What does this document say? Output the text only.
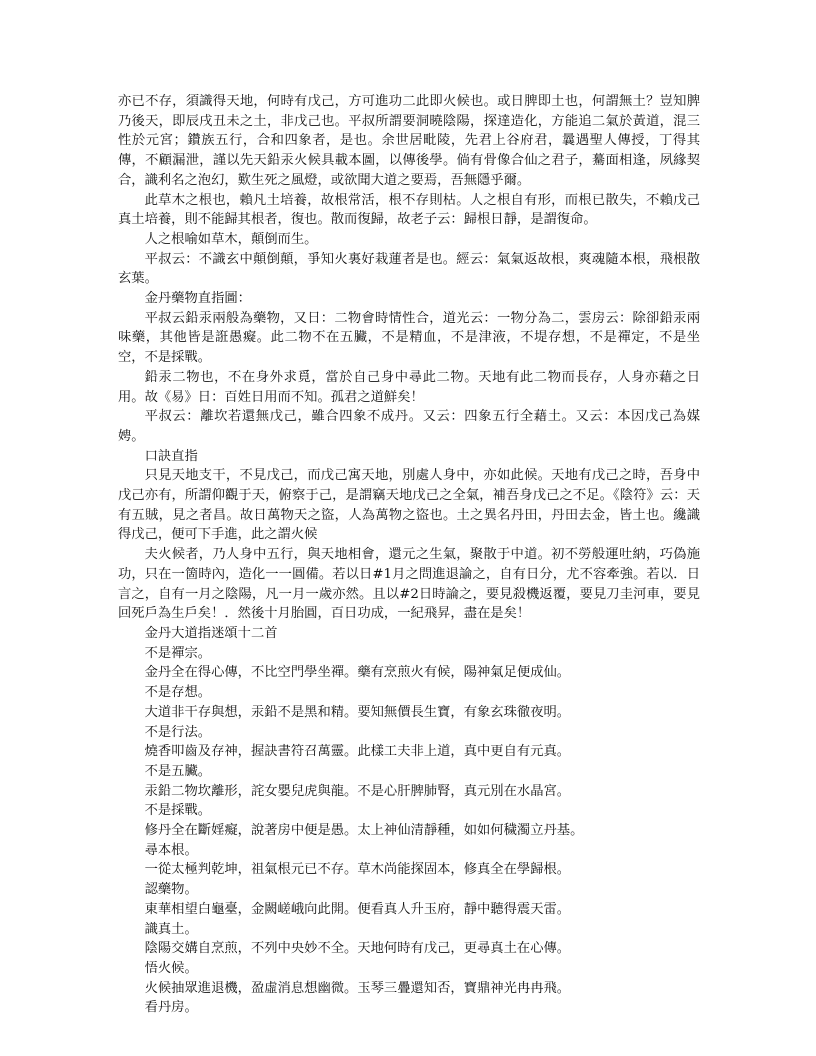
亦已不存，須識得天地，何時有戊己，方可進功二此即火候也。或日脾即土也，何謂無土？豈知脾乃後天，即辰戌丑未之土，非戊己也。平叔所謂要洞曉陰陽，探達造化，方能追二氣於黃道，混三性於元宮；鑽族五行，合和四象者，是也。余世居毗陵，先君上谷府君，曩遇聖人傳授，丁得其傳，不顧漏泄，謹以先天鉛汞火候具載本圖，以傳後學。倘有骨像合仙之君子，驀面相逢，夙緣契合，識利名之泡幻，歎生死之風燈，或欲聞大道之要焉，吾無隱乎爾。

此草木之根也，賴凡土培養，故根常活，根不存則枯。人之根自有形，而根已散失，不賴戊己真土培養，則不能歸其根者，復也。散而復歸，故老子云：歸根日靜，是謂復命。

人之根喻如草木，顛倒而生。

平叔云：不識玄中顛倒顛，爭知火裏好栽蓮者是也。經云：氣氣返故根，爽魂隨本根，飛根散玄葉。

金丹藥物直指圖：

平叔云鉛汞兩般為藥物，又日：二物會時情性合，道光云：一物分為二，雲房云：除卻鉛汞兩味藥，其他皆是誑愚癡。此二物不在五臟，不是精血，不是津液，不堤存想，不是禪定，不是坐空，不是採戰。

鉛汞二物也，不在身外求覓，當於自己身中尋此二物。天地有此二物而長存，人身亦藉之日用。故《易》日：百姓日用而不知。孤君之道鮮矣！

平叔云：離坎若還無戊己，雖合四象不成丹。又云：四象五行全藉土。又云：本因戊己為媒娉。

口訣直指

只見天地支干，不見戊己，而戊己寓天地，別處人身中，亦如此候。天地有戊己之時，吾身中戊己亦有，所謂仰觀于天，俯察于己，是謂竊天地戊己之全氣，補吾身戊己之不足。《陰符》云：天有五賊，見之者昌。故日萬物天之盜，人為萬物之盜也。土之異名丹田，丹田去金，皆土也。纔識得戊己，便可下手進，此之謂火候

夫火候者，乃人身中五行，與天地相會，還元之生氣，聚散于中道。初不勞般運吐納，巧偽施功，只在一箇時內，造化一一圓備。若以日#1月之問進退論之，自有日分，尤不容牽強。若以．日言之，自有一月之陰陽，凡一月一歲亦然。且以#2日時論之，要見殺機返覆，要見刀圭河車，要見回死戶為生戶矣！．然後十月胎圓，百日功成，一紀飛昇，盡在是矣！

金丹大道指迷頌十二首

不是禪宗。

金丹全在得心傳，不比空門學坐禪。藥有烹煎火有候，陽神氣足便成仙。

不是存想。

大道非干存與想，汞鉛不是黑和精。要知無價長生寶，有象玄珠徹夜明。

不是行法。

燒香叩齒及存神，握訣書符召萬靈。此樣工夫非上道，真中更自有元真。

不是五臟。

汞鉛二物坎離形，詫女嬰兒虎與龍。不是心肝脾肺腎，真元別在水晶宮。

不是採戰。

修丹全在斷婬癡，說著房中便是愚。太上神仙清靜種，如如何穢濁立丹基。

尋本根。

一從太極判乾坤，祖氣根元已不存。草木尚能探固本，修真全在學歸根。

認藥物。

東華相望白龜臺，金闕嵯峨向此開。便看真人升玉府，靜中聽得震天雷。

識真土。

陰陽交媾自烹煎，不列中央妙不全。天地何時有戊己，更尋真土在心傳。

悟火候。

火候抽眾進退機，盈虛消息想幽微。玉琴三疊還知否，寶鼎神光冉冉飛。

看丹房。
